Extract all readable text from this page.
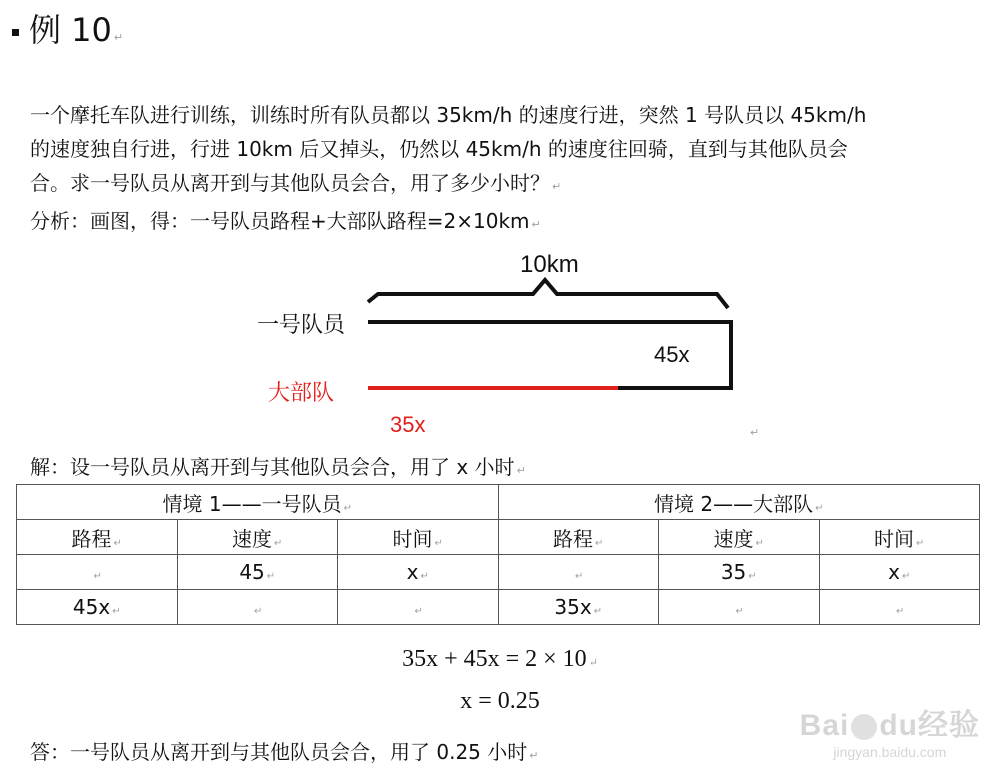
例 10 ↵

一个摩托车队进行训练，训练时所有队员都以 35km/h 的速度行进，突然 1 号队员以 45km/h

的速度独自行进，行进 10km 后又掉头，仍然以 45km/h 的速度往回骑，直到与其他队员会

合。求一号队员从离开到与其他队员会合，用了多少小时？ ↵

分析：画图，得：一号队员路程+大部队路程=2×10km ↵

10km
一号队员
45x
大部队
35x	↵
解：设一号队员从离开到与其他队员会合，用了 x 小时 ↵
情境 1——一号队员 ↵			情境 2——大部队 ↵		
路程 ↵	速度 ↵	时间 ↵	路程 ↵	速度 ↵	时间 ↵
↵	45 ↵	x ↵	↵	35 ↵	x ↵
45x ↵	↵	↵	35x ↵	↵	↵
35x + 45x = 2 × 10 ↵
x = 0.25
答：一号队员从离开到与其他队员会合，用了 0.25 小时 ↵
Bai du经验
jingyan.baidu.com
